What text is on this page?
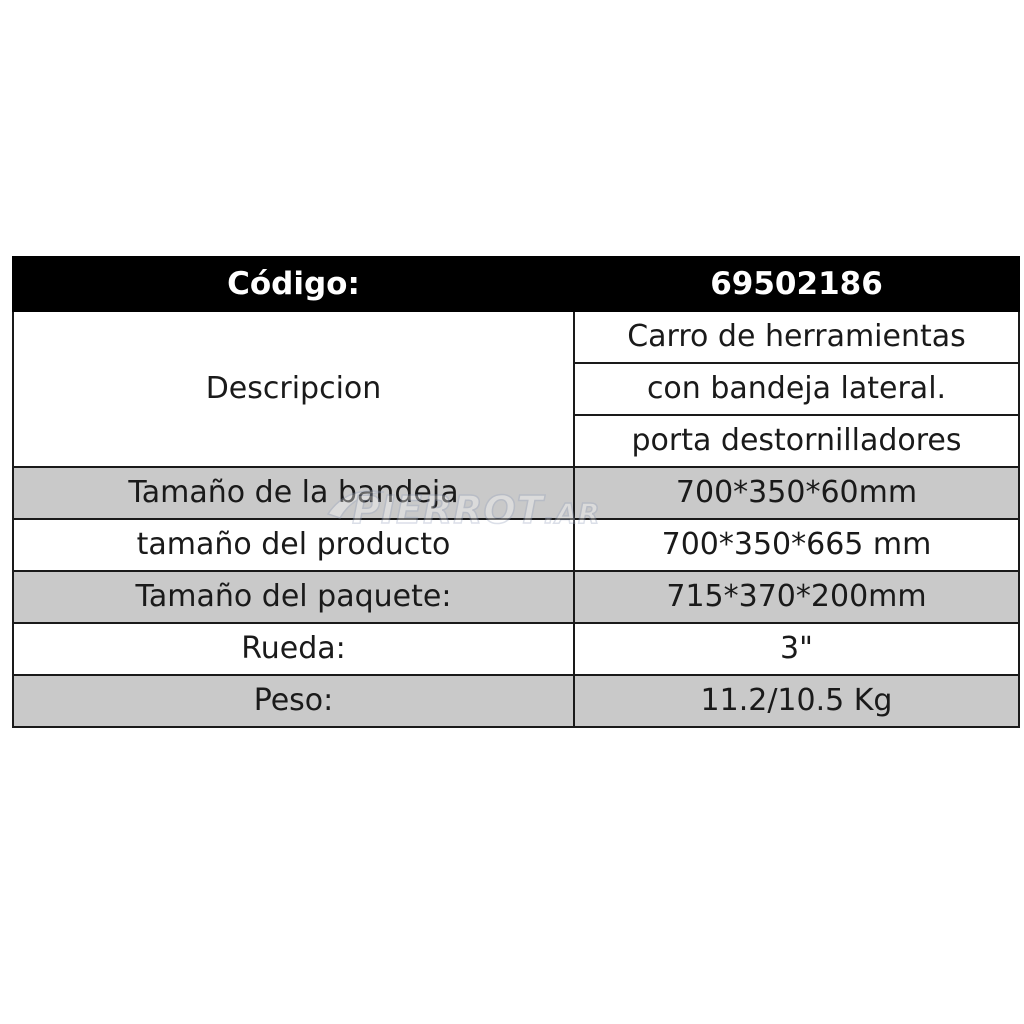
Código:	69502186
Descripcion	Carro de herramientas
	con bandeja lateral.
	porta destornilladores
Tamaño de la bandeja	700*350*60mm
tamaño del producto	700*350*665 mm
Tamaño del paquete:	715*370*200mm
Rueda:	3"
Peso:	11.2/10.5 Kg
PIERROT.AR
